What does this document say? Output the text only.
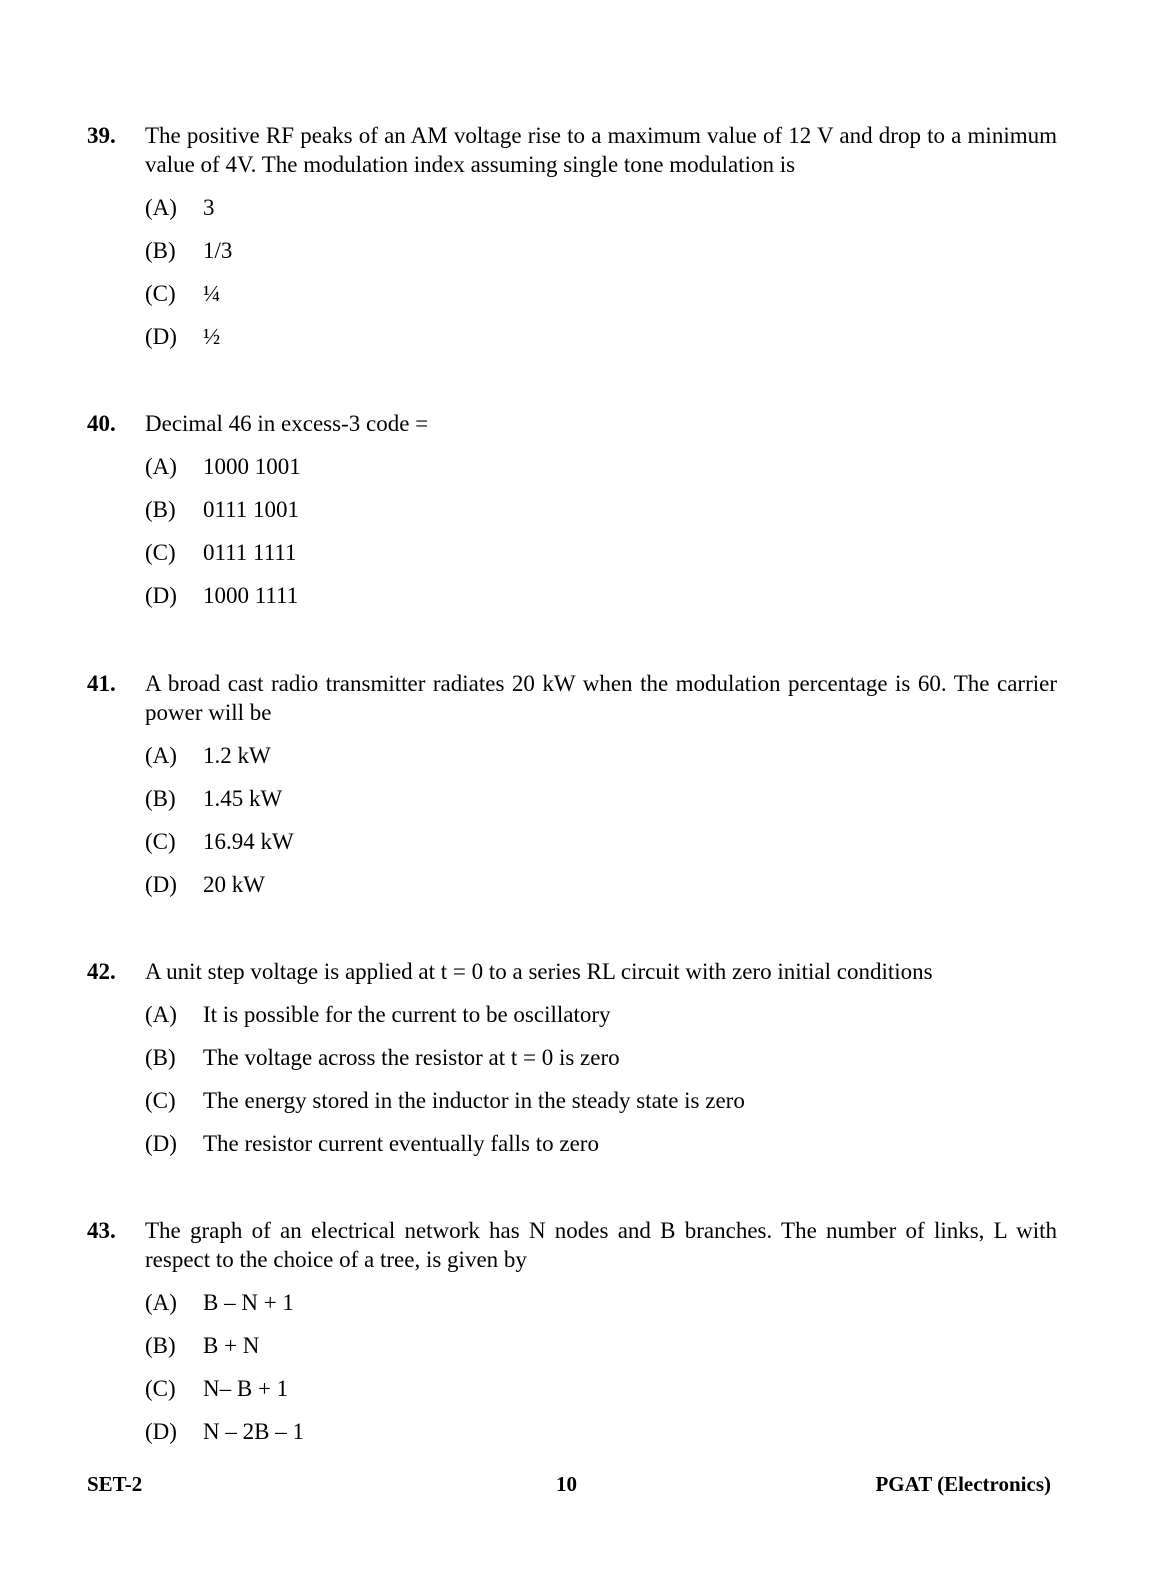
39. The positive RF peaks of an AM voltage rise to a maximum value of 12 V and drop to a minimum value of 4V. The modulation index assuming single tone modulation is
(A) 3
(B) 1/3
(C) ¼
(D) ½
40. Decimal 46 in excess-3 code =
(A) 1000 1001
(B) 0111 1001
(C) 0111 1111
(D) 1000 1111
41. A broad cast radio transmitter radiates 20 kW when the modulation percentage is 60. The carrier power will be
(A) 1.2 kW
(B) 1.45 kW
(C) 16.94 kW
(D) 20 kW
42. A unit step voltage is applied at t = 0 to a series RL circuit with zero initial conditions
(A) It is possible for the current to be oscillatory
(B) The voltage across the resistor at t = 0 is zero
(C) The energy stored in the inductor in the steady state is zero
(D) The resistor current eventually falls to zero
43. The graph of an electrical network has N nodes and B branches. The number of links, L with respect to the choice of a tree, is given by
(A) B – N + 1
(B) B + N
(C) N– B + 1
(D) N – 2B – 1
SET-2	10	PGAT (Electronics)
